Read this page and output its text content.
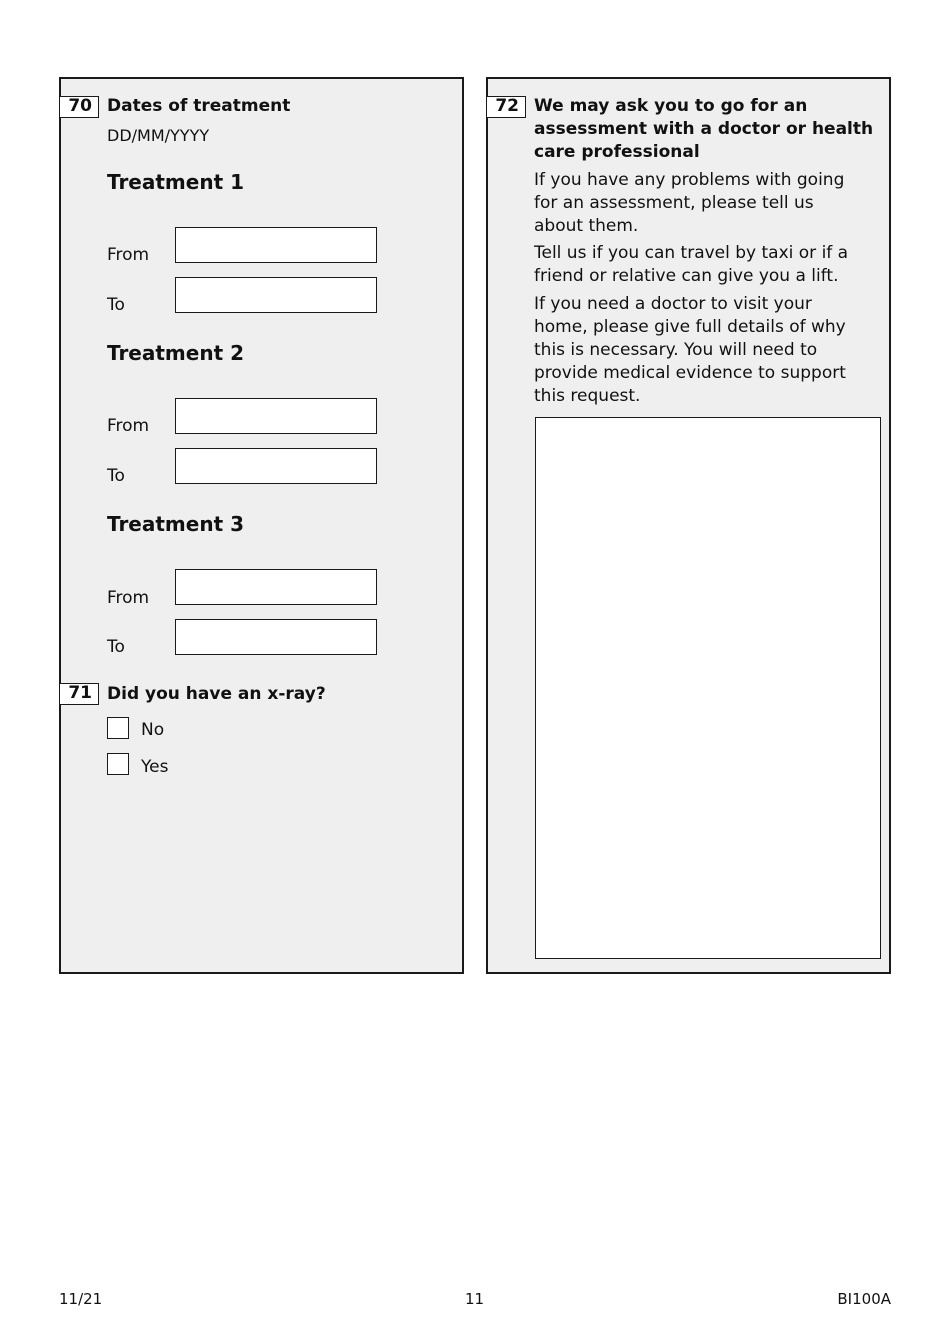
70 Dates of treatment
DD/MM/YYYY
Treatment 1
From
To
Treatment 2
From
To
Treatment 3
From
To
71 Did you have an x-ray?
No
Yes
72 We may ask you to go for an
assessment with a doctor or health
care professional
If you have any problems with going
for an assessment, please tell us
about them.
Tell us if you can travel by taxi or if a
friend or relative can give you a lift.
If you need a doctor to visit your
home, please give full details of why
this is necessary. You will need to
provide medical evidence to support
this request.
11/21	11	BI100A
